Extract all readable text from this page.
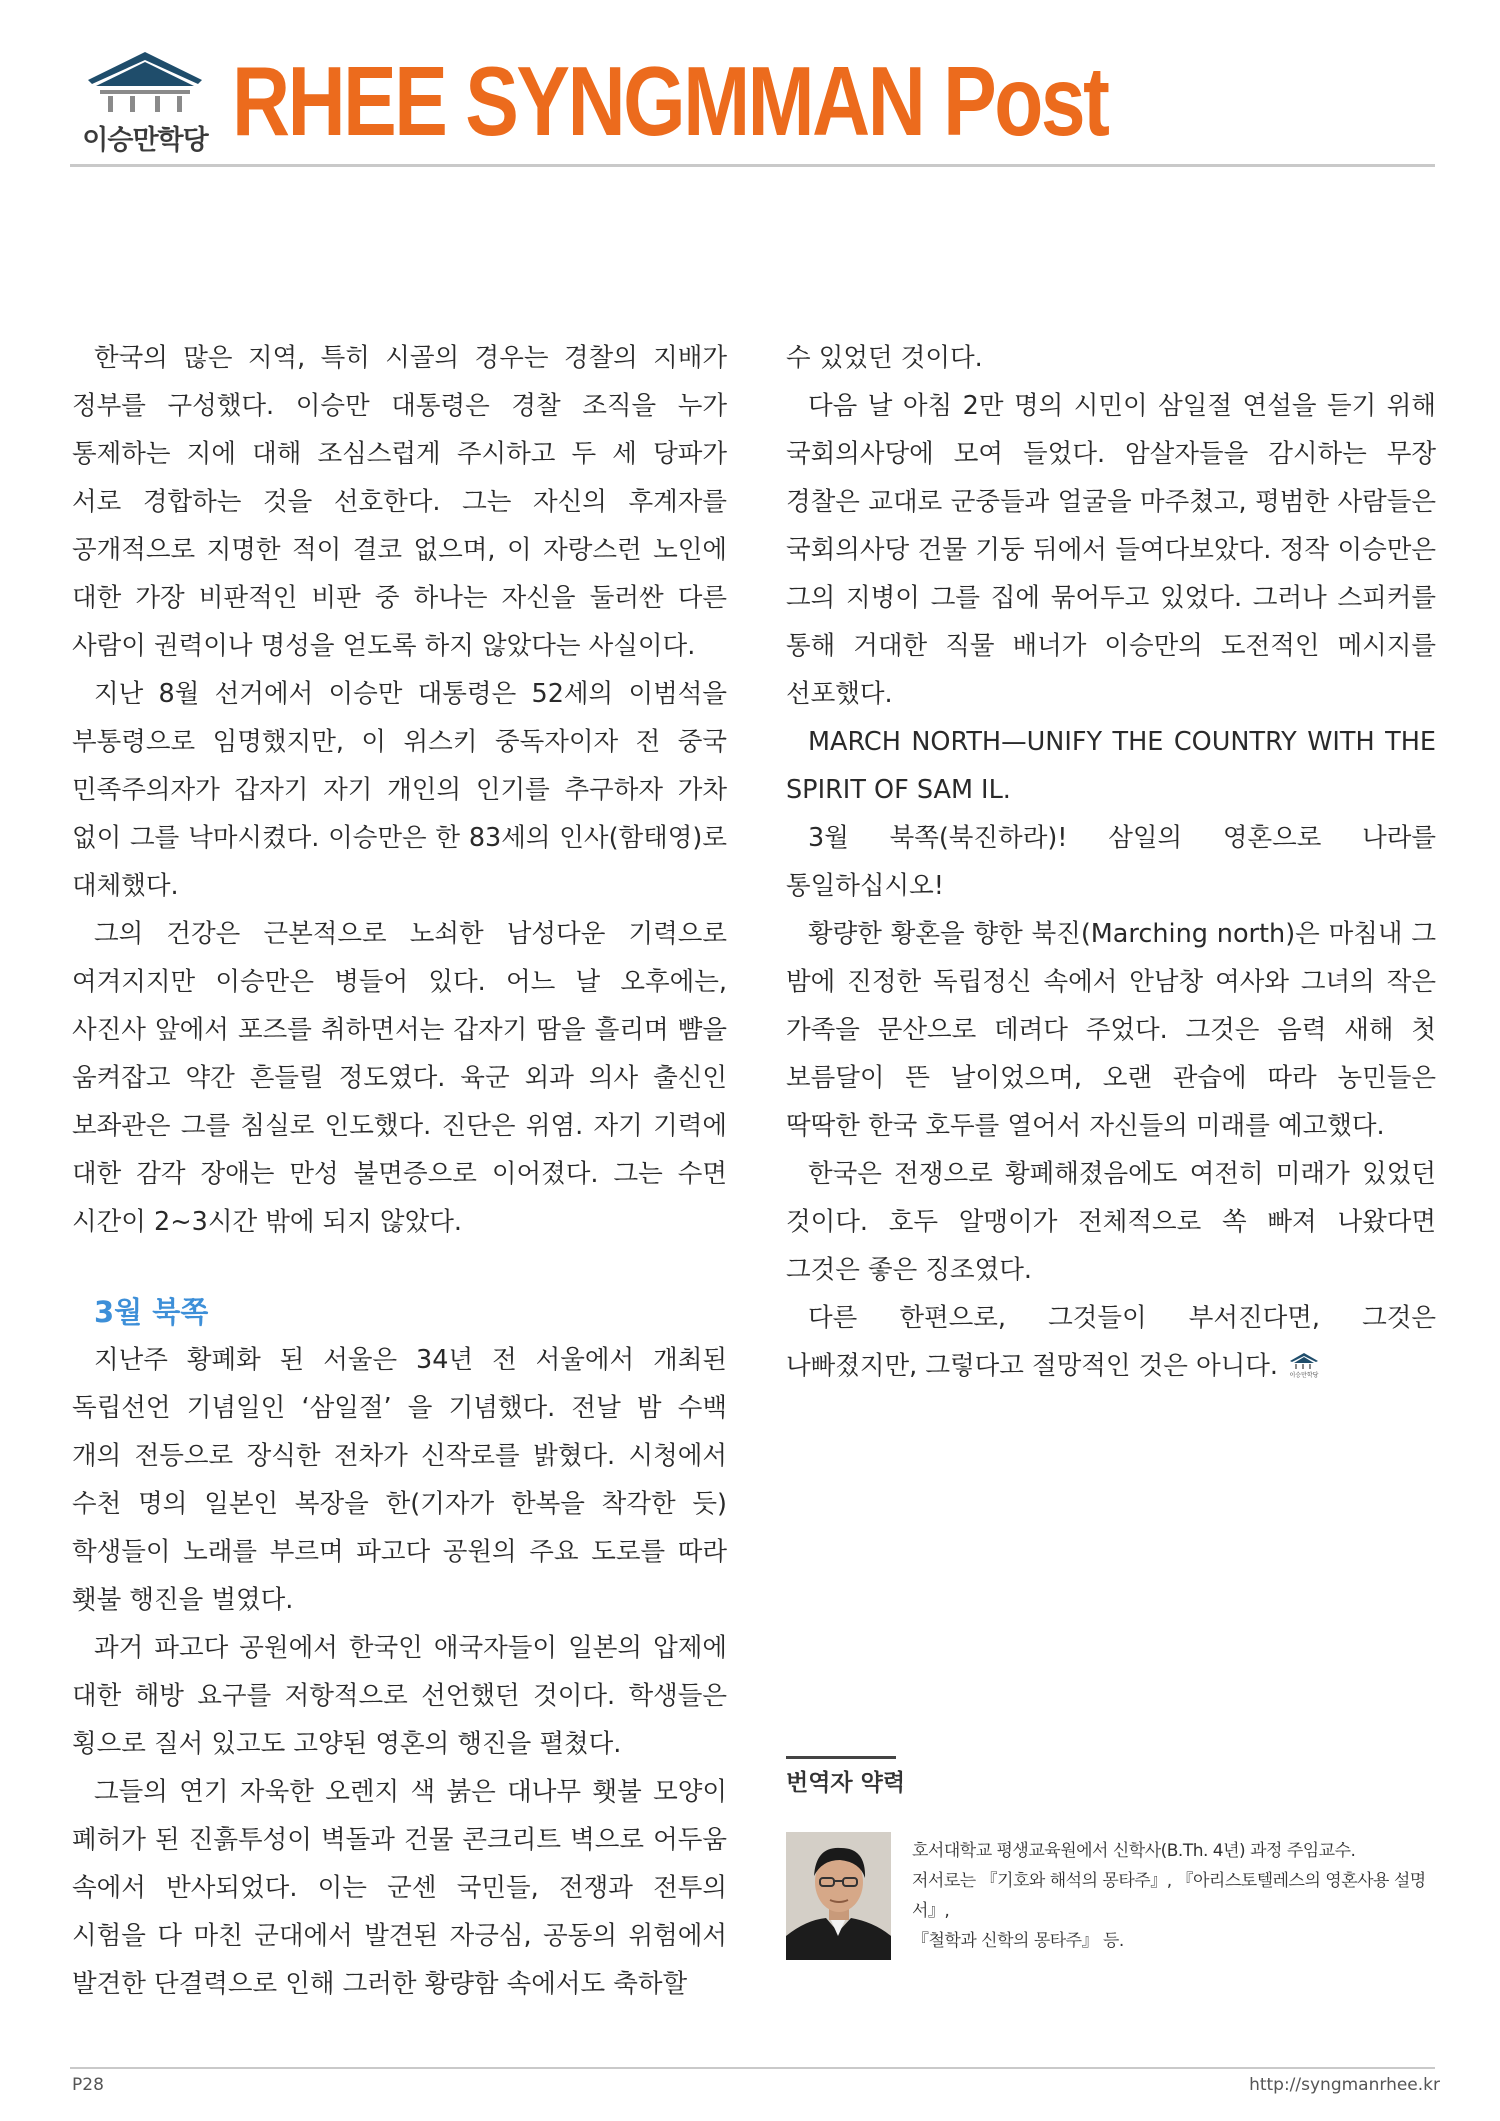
이승만학당 RHEE SYNGMMAN Post

한국의 많은 지역, 특히 시골의 경우는 경찰의 지배가 정부를 구성했다. 이승만 대통령은 경찰 조직을 누가 통제하는 지에 대해 조심스럽게 주시하고 두 세 당파가 서로 경합하는 것을 선호한다. 그는 자신의 후계자를 공개적으로 지명한 적이 결코 없으며, 이 자랑스런 노인에 대한 가장 비판적인 비판 중 하나는 자신을 둘러싼 다른 사람이 권력이나 명성을 얻도록 하지 않았다는 사실이다.

지난 8월 선거에서 이승만 대통령은 52세의 이범석을 부통령으로 임명했지만, 이 위스키 중독자이자 전 중국 민족주의자가 갑자기 자기 개인의 인기를 추구하자 가차 없이 그를 낙마시켰다. 이승만은 한 83세의 인사(함태영)로 대체했다.

그의 건강은 근본적으로 노쇠한 남성다운 기력으로 여겨지지만 이승만은 병들어 있다. 어느 날 오후에는, 사진사 앞에서 포즈를 취하면서는 갑자기 땀을 흘리며 뺨을 움켜잡고 약간 흔들릴 정도였다. 육군 외과 의사 출신인 보좌관은 그를 침실로 인도했다. 진단은 위염. 자기 기력에 대한 감각 장애는 만성 불면증으로 이어졌다. 그는 수면 시간이 2~3시간 밖에 되지 않았다.

3월 북쪽

지난주 황폐화 된 서울은 34년 전 서울에서 개최된 독립선언 기념일인 ‘삼일절’ 을 기념했다. 전날 밤 수백 개의 전등으로 장식한 전차가 신작로를 밝혔다. 시청에서 수천 명의 일본인 복장을 한(기자가 한복을 착각한 듯) 학생들이 노래를 부르며 파고다 공원의 주요 도로를 따라 횃불 행진을 벌였다.

과거 파고다 공원에서 한국인 애국자들이 일본의 압제에 대한 해방 요구를 저항적으로 선언했던 것이다. 학생들은 횡으로 질서 있고도 고양된 영혼의 행진을 펼쳤다.

그들의 연기 자욱한 오렌지 색 붉은 대나무 횃불 모양이 폐허가 된 진흙투성이 벽돌과 건물 콘크리트 벽으로 어두움 속에서 반사되었다. 이는 군센 국민들, 전쟁과 전투의 시험을 다 마친 군대에서 발견된 자긍심, 공동의 위험에서 발견한 단결력으로 인해 그러한 황량함 속에서도 축하할

수 있었던 것이다.

다음 날 아침 2만 명의 시민이 삼일절 연설을 듣기 위해 국회의사당에 모여 들었다. 암살자들을 감시하는 무장 경찰은 교대로 군중들과 얼굴을 마주쳤고, 평범한 사람들은 국회의사당 건물 기둥 뒤에서 들여다보았다. 정작 이승만은 그의 지병이 그를 집에 묶어두고 있었다. 그러나 스피커를 통해 거대한 직물 배너가 이승만의 도전적인 메시지를 선포했다.

MARCH NORTH—UNIFY THE COUNTRY WITH THE SPIRIT OF SAM IL.

3월 북쪽(북진하라)! 삼일의 영혼으로 나라를 통일하십시오!

황량한 황혼을 향한 북진(Marching north)은 마침내 그 밤에 진정한 독립정신 속에서 안남창 여사와 그녀의 작은 가족을 문산으로 데려다 주었다. 그것은 음력 새해 첫 보름달이 뜬 날이었으며, 오랜 관습에 따라 농민들은 딱딱한 한국 호두를 열어서 자신들의 미래를 예고했다.

한국은 전쟁으로 황폐해졌음에도 여전히 미래가 있었던 것이다. 호두 알맹이가 전체적으로 쏙 빠져 나왔다면 그것은 좋은 징조였다.

다른 한편으로, 그것들이 부서진다면, 그것은 나빠졌지만, 그렇다고 절망적인 것은 아니다. 이승만학당

번역자 약력
호서대학교 평생교육원에서 신학사(B.Th. 4년) 과정 주임교수.
저서로는 『기호와 해석의 몽타주』, 『아리스토텔레스의 영혼사용 설명서』,
『철학과 신학의 몽타주』 등.
P28	http://syngmanrhee.kr
